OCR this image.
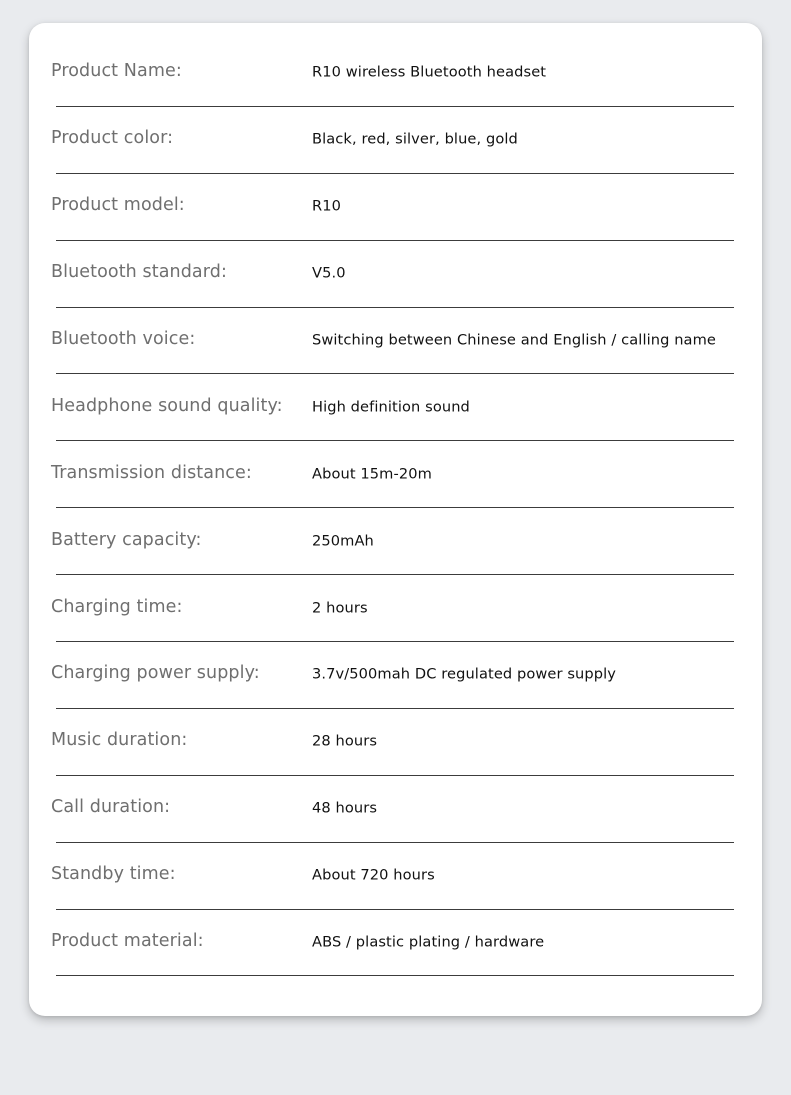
Product Name:	R10 wireless Bluetooth headset
Product color:	Black, red, silver, blue, gold
Product model:	R10
Bluetooth standard:	V5.0
Bluetooth voice:	Switching between Chinese and English / calling name
Headphone sound quality: High definition sound
Transmission distance:	About 15m-20m
Battery capacity:	250mAh
Charging time:	2 hours
Charging power supply:	3.7v/500mah DC regulated power supply
Music duration:	28 hours
Call duration:	48 hours
Standby time:	About 720 hours
Product material:	ABS / plastic plating / hardware
